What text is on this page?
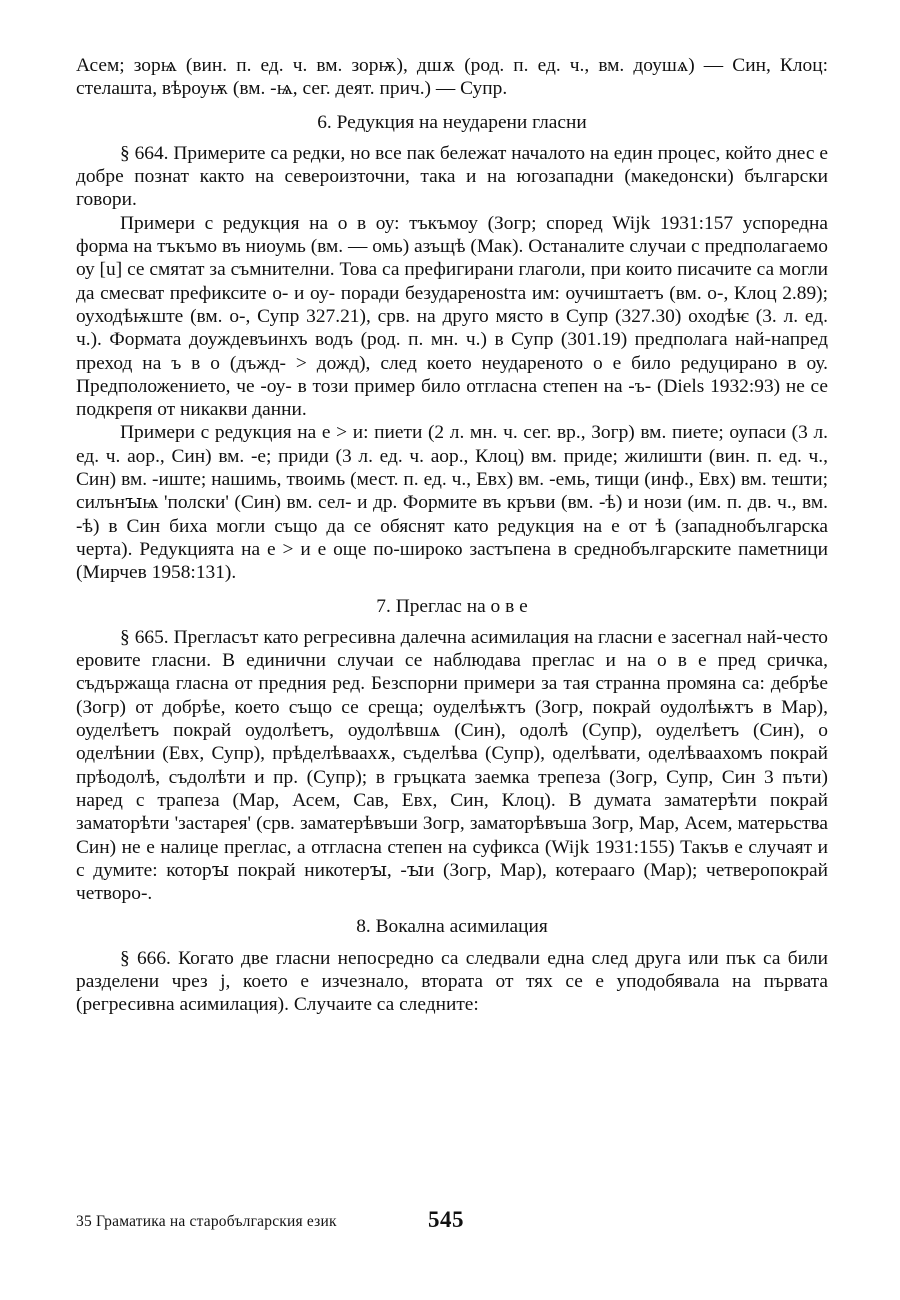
Асем; зорѩ (вин. п. ед. ч. вм. зорѭ), дшѫ (род. п. ед. ч., вм. доушѧ) — Син, Клоц: стелашта, вѣроуѭ (вм. -ѩ, сег. деят. прич.) — Супр.

6. Редукция на неударени гласни

§ 664. Примерите са редки, но все пак бележат началото на един процес, който днес е добре познат както на североизточни, така и на югозападни (македонски) български говори.

Примери с редукция на о в оу: тъкъмоу (Зогр; според Wijk 1931:157 успоредна форма на тъкъмо въ ниоумь (вм. — омь) азъщѣ (Мак). Останалите случаи с предполагаемо оу [u] се смятат за съмнителни. Това са префигирани глаголи, при които писачите са могли да смесват префиксите о- и оу- поради безударенostта им: оучиштаетъ (вм. о-, Клоц 2.89); оуходѣѭште (вм. о-, Супр 327.21), срв. на друго място в Супр (327.30) оходѣѥ (3. л. ед. ч.). Формата доуждевъинхъ водъ (род. п. мн. ч.) в Супр (301.19) предполага най-напред преход на ъ в о (дъжд- > дожд), след което неудареното о е било редуцирано в оу. Предположението, че -оу- в този пример било отгласна степен на -ъ- (Diels 1932:93) не се подкрепя от никакви данни.

Примери с редукция на е > и: пиети (2 л. мн. ч. сег. вр., Зогр) вм. пиете; оупаси (3 л. ед. ч. аор., Син) вм. -е; приди (3 л. ед. ч. аор., Клоц) вм. приде; жилишти (вин. п. ед. ч., Син) вм. -иште; нашимь, твоимь (мест. п. ед. ч., Евх) вм. -емь, тищи (инф., Евх) вм. тешти; силънꙑѩ 'полски' (Син) вм. сел- и др. Формите въ кръви (вм. -ѣ) и нози (им. п. дв. ч., вм. -ѣ) в Син биха могли също да се обяснят като редукция на е от ѣ (западнобългарска черта). Редукцията на е > и е още по-широко застъпена в среднобългарските паметници (Мирчев 1958:131).

7. Преглас на о в е

§ 665. Прегласът като регресивна далечна асимилация на гласни е засегнал най-често еровите гласни. В единични случаи се наблюдава преглас и на о в е пред сричка, съдържаща гласна от предния ред. Безспорни примери за тая странна промяна са: дебрѣе (Зогр) от добрѣе, което също се среща; оуделѣѭтъ (Зогр, покрай оудолѣѭтъ в Мар), оуделѣетъ покрай оудолѣетъ, оудолѣвшѧ (Син), одолѣ (Супр), оуделѣетъ (Син), о оделѣнии (Евх, Супр), прѣделѣваахѫ, съделѣва (Супр), оделѣвати, оделѣваахомъ покрай прѣодолѣ, съдолѣти и пр. (Супр); в гръцката заемка трепеза (Зогр, Супр, Син 3 пъти) наред с трапеза (Мар, Асем, Сав, Евх, Син, Клоц). В думата заматерѣти покрай заматорѣти 'застарея' (срв. заматерѣвъши Зогр, заматорѣвъша Зогр, Мар, Асем, матерьства Син) не е налице преглас, а отгласна степен на суфикса (Wijk 1931:155) Такъв е случаят и с думите: которꙑ покрай никотерꙑ, -ꙑи (Зогр, Мар), котераагo (Мар); четверопокрай четворо-.

8. Вокална асимилация

§ 666. Когато две гласни непосредно са следвали една след друга или пък са били разделени чрез j, което е изчезнало, втората от тях се е уподобявала на първата (регресивна асимилация). Случаите са следните:

35 Граматика на старобългарския език	545
